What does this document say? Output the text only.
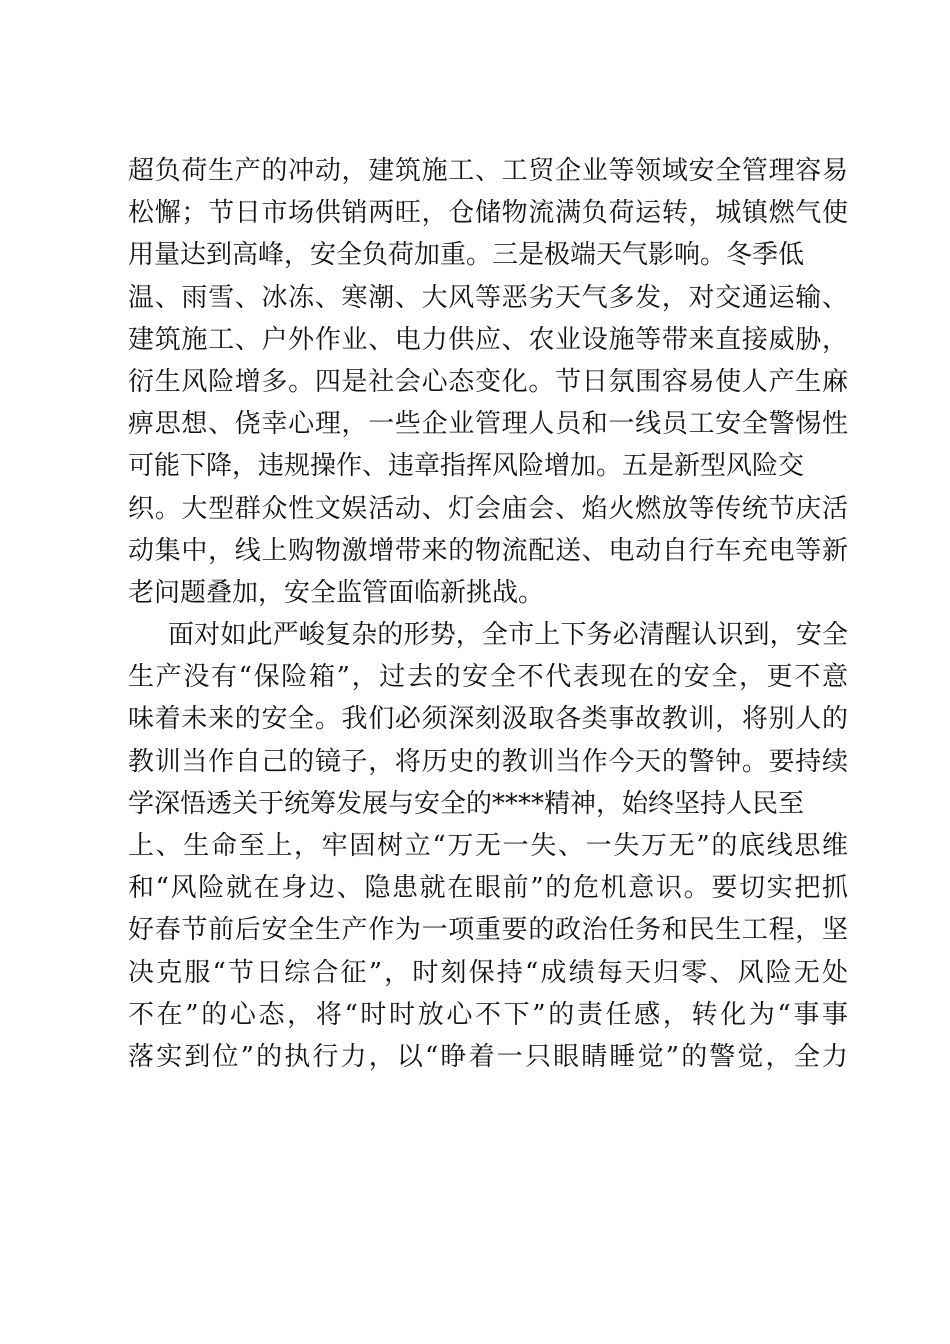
超负荷生产的冲动，建筑施工、工贸企业等领域安全管理容易
松懈；节日市场供销两旺，仓储物流满负荷运转，城镇燃气使
用量达到高峰，安全负荷加重。三是极端天气影响。冬季低
温、雨雪、冰冻、寒潮、大风等恶劣天气多发，对交通运输、
建筑施工、户外作业、电力供应、农业设施等带来直接威胁，
衍生风险增多。四是社会心态变化。节日氛围容易使人产生麻
痹思想、侥幸心理，一些企业管理人员和一线员工安全警惕性
可能下降，违规操作、违章指挥风险增加。五是新型风险交
织。大型群众性文娱活动、灯会庙会、焰火燃放等传统节庆活
动集中，线上购物激增带来的物流配送、电动自行车充电等新
老问题叠加，安全监管面临新挑战。
面对如此严峻复杂的形势，全市上下务必清醒认识到，安全
生产没有“保险箱”，过去的安全不代表现在的安全，更不意
味着未来的安全。我们必须深刻汲取各类事故教训，将别人的
教训当作自己的镜子，将历史的教训当作今天的警钟。要持续
学深悟透关于统筹发展与安全的****精神，始终坚持人民至
上、生命至上，牢固树立“万无一失、一失万无”的底线思维
和“风险就在身边、隐患就在眼前”的危机意识。要切实把抓
好春节前后安全生产作为一项重要的政治任务和民生工程，坚
决克服“节日综合征”，时刻保持“成绩每天归零、风险无处
不在”的心态，将“时时放心不下”的责任感，转化为“事事
落实到位”的执行力，以“睁着一只眼睛睡觉”的警觉，全力
